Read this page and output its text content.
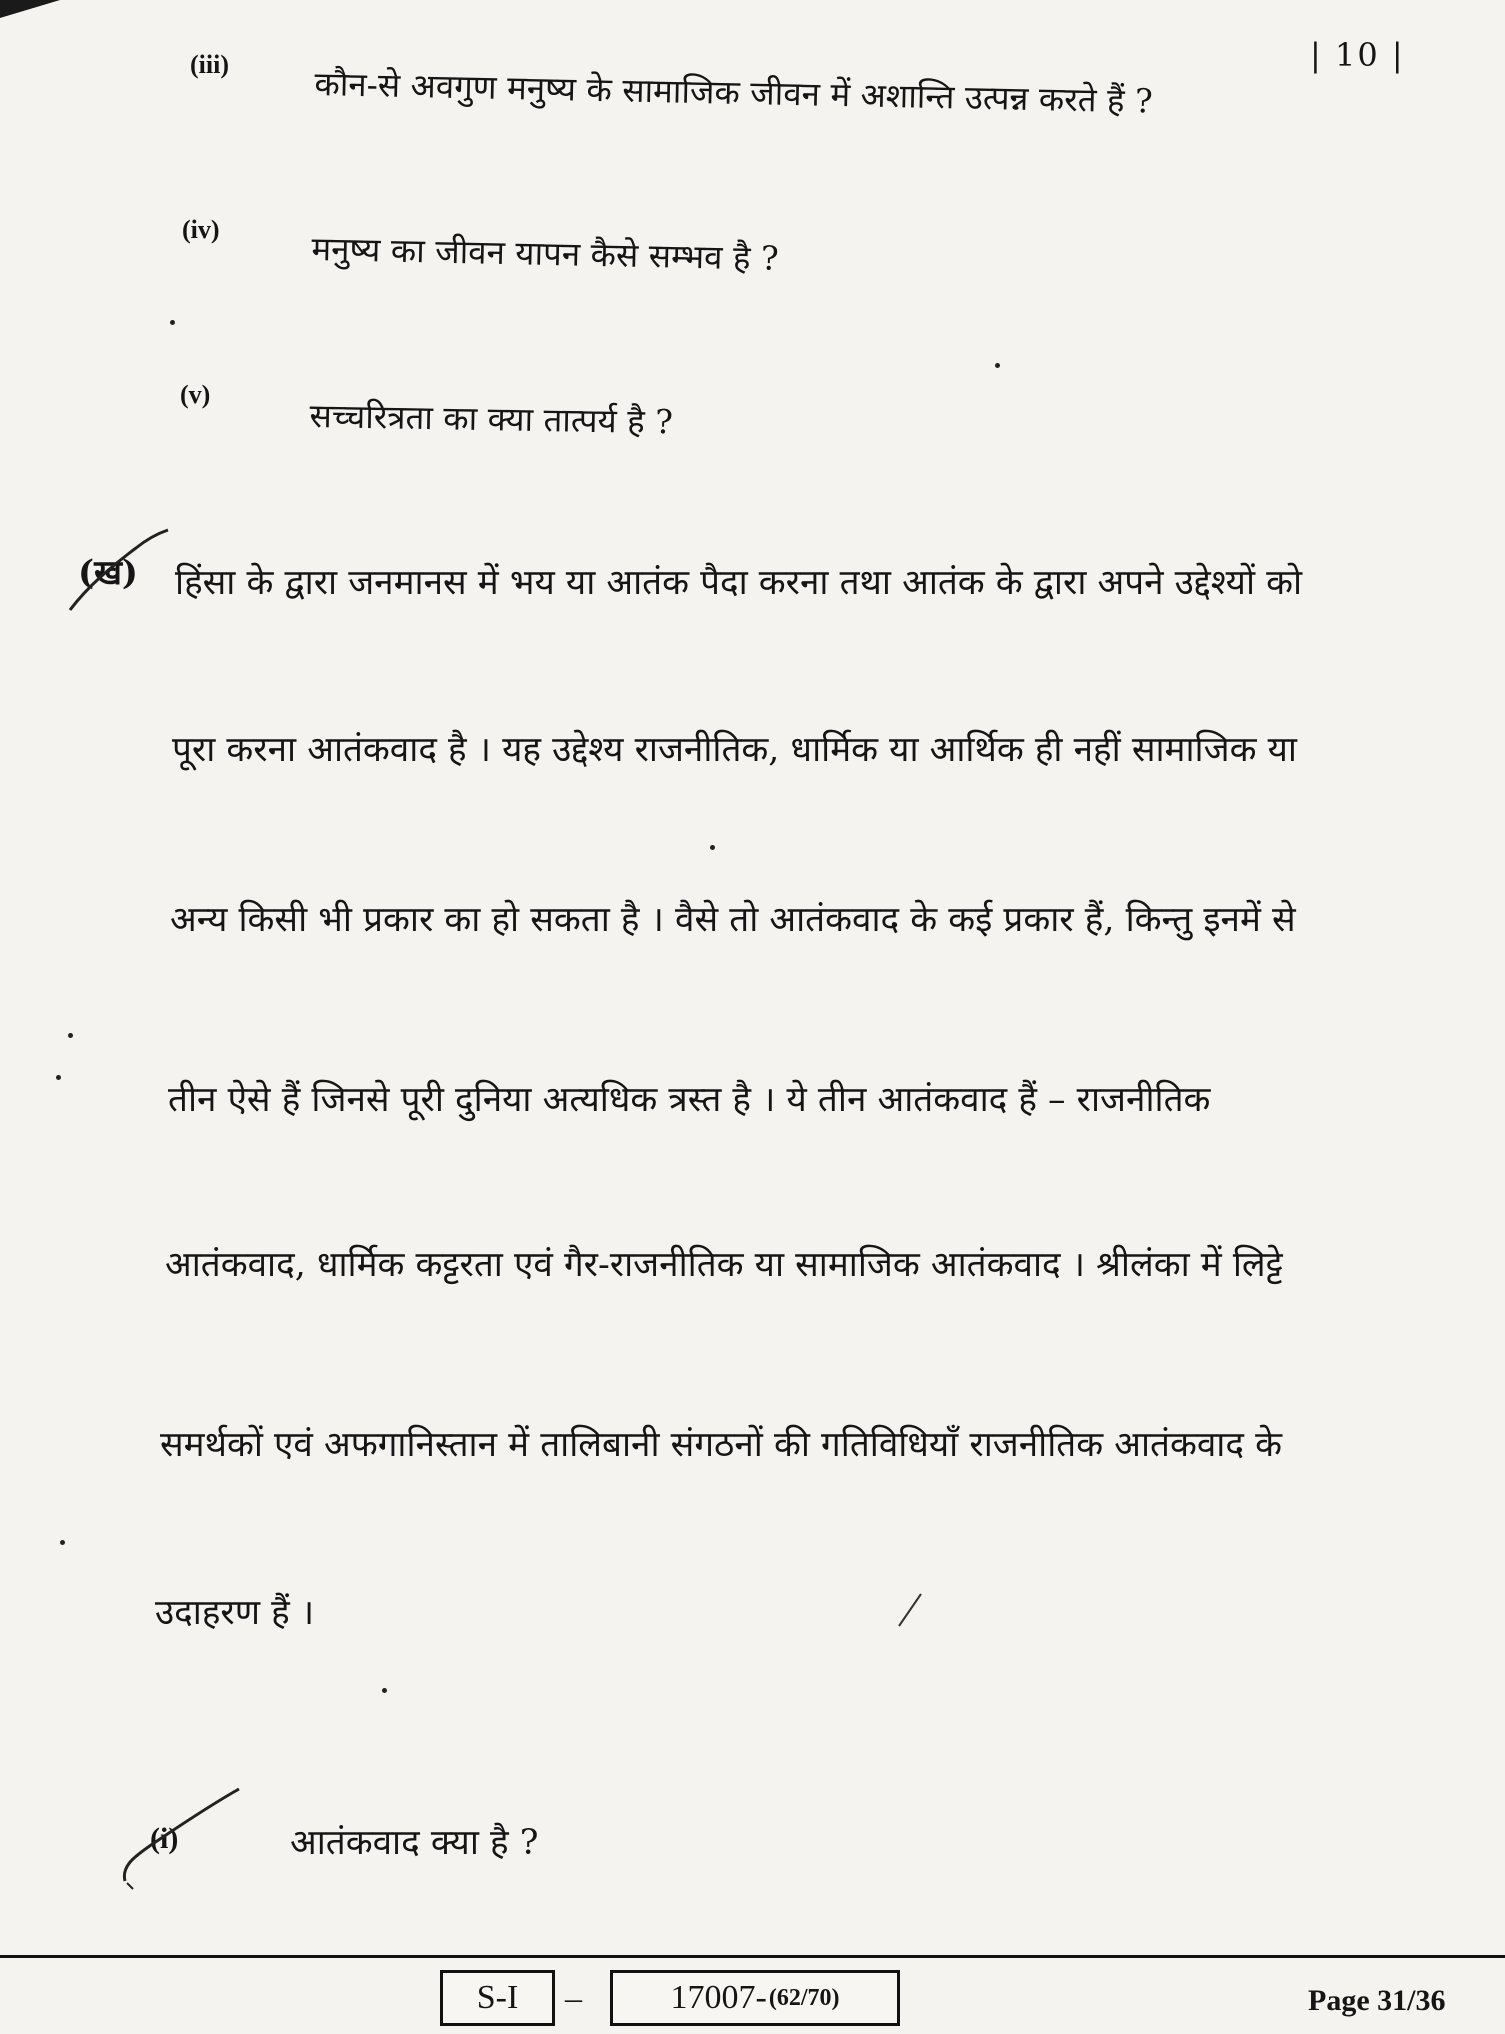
| 10 |
(iii)	कौन-से अवगुण मनुष्य के सामाजिक जीवन में अशान्ति उत्पन्न करते हैं ?
(iv)	मनुष्य का जीवन यापन कैसे सम्भव है ?
(v)
सच्चरित्रता का क्या तात्पर्य है ?
(ख) हिंसा के द्वारा जनमानस में भय या आतंक पैदा करना तथा आतंक के द्वारा अपने उद्देश्यों को
पूरा करना आतंकवाद है । यह उद्देश्य राजनीतिक, धार्मिक या आर्थिक ही नहीं सामाजिक या
अन्य किसी भी प्रकार का हो सकता है । वैसे तो आतंकवाद के कई प्रकार हैं, किन्तु इनमें से
तीन ऐसे हैं जिनसे पूरी दुनिया अत्यधिक त्रस्त है । ये तीन आतंकवाद हैं – राजनीतिक
आतंकवाद, धार्मिक कट्टरता एवं गैर-राजनीतिक या सामाजिक आतंकवाद । श्रीलंका में लिट्टे
समर्थकों एवं अफगानिस्तान में तालिबानी संगठनों की गतिविधियाँ राजनीतिक आतंकवाद के
उदाहरण हैं ।
(i)	आतंकवाद क्या है ?
S-I –	17007- (62/70)	Page 31/36
